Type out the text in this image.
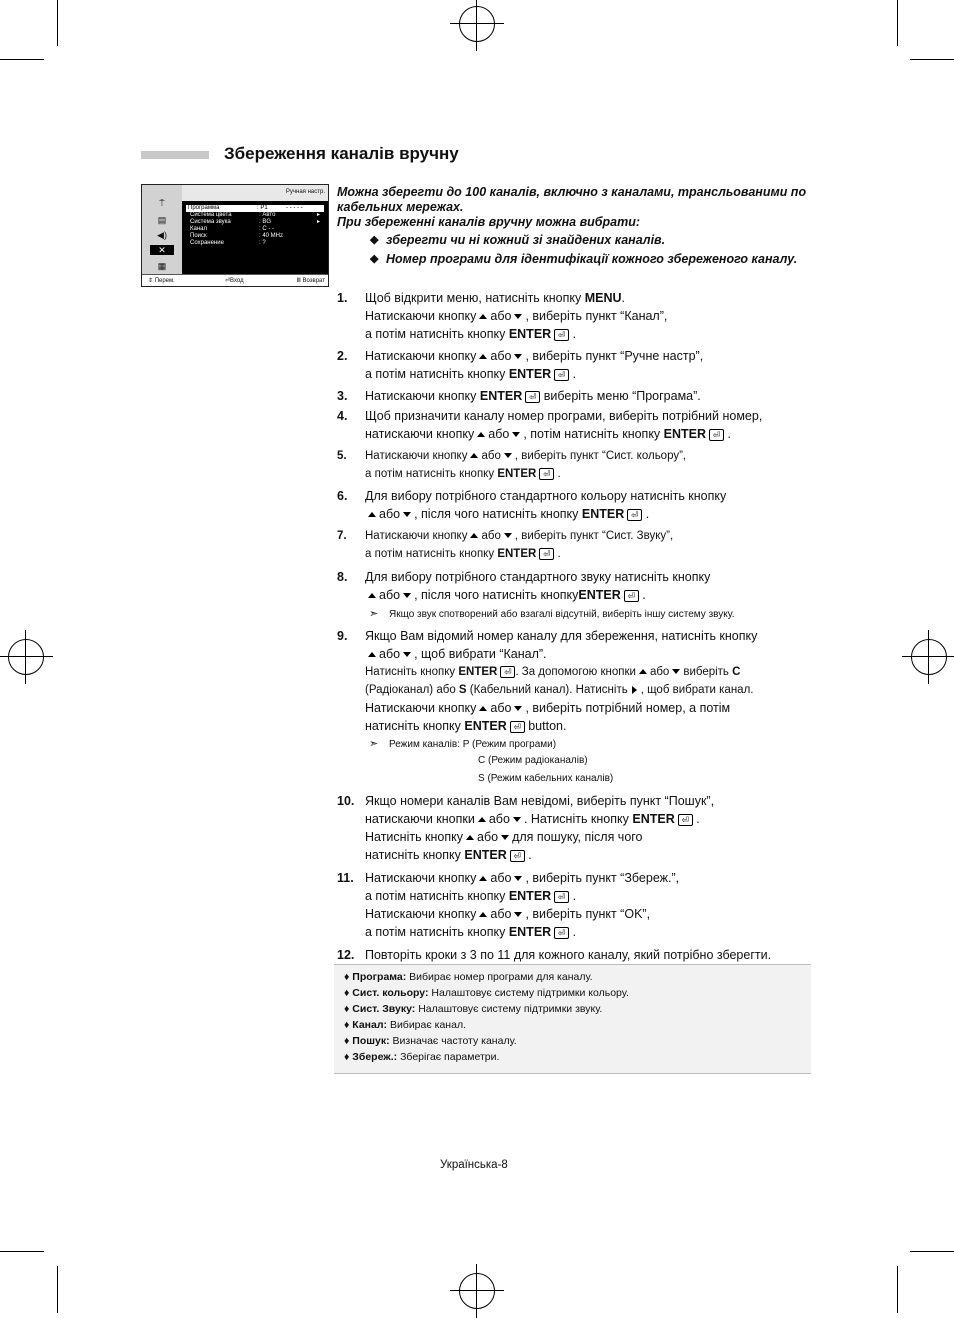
Збереження каналів вручну
⍑
▤
◀)
✕
▦
Ручная настр.
Программа	: P1	- - - - -
Система цвета	: Авто	▸
Система звука	: BG	▸
Канал	: C - -
Поиск	: 40 MHz
Сохранение	: ?
⇕ Перем.	⏎Вход	Ⅲ Возврат

Можна зберегти до 100 каналів, включно з каналами, трансльованими по кабельних мережах.

При збереженні каналів вручну можна вибрати:

◆ зберегти чи ні кожний зі знайдених каналів.

◆ Номер програми для ідентифікації кожного збереженого каналу.

1. Щоб відкрити меню, натисніть кнопку MENU.
Натискаючи кнопку або , виберіть пункт “Канал”,
а потім натисніть кнопку ENTER ⏎ .
2. Натискаючи кнопку або , виберіть пункт “Ручне настр”,
а потім натисніть кнопку ENTER ⏎ .
3. Натискаючи кнопку ENTER ⏎ виберіть меню “Програма”.
4. Щоб призначити каналу номер програми, виберіть потрібний номер,
натискаючи кнопку або , потім натисніть кнопку ENTER ⏎ .
5. Натискаючи кнопку або , виберіть пункт “Сист. кольору”,
а потім натисніть кнопку ENTER ⏎ .
6. Для вибору потрібного стандартного кольору натисніть кнопку
або , після чого натисніть кнопку ENTER ⏎ .
7. Натискаючи кнопку або , виберіть пункт “Сист. Звуку”,
а потім натисніть кнопку ENTER ⏎ .
8. Для вибору потрібного стандартного звуку натисніть кнопку
або , після чого натисніть кнопкуENTER ⏎ .
➣ Якщо звук спотворений або взагалі відсутній, виберіть іншу систему звуку.
9. Якщо Вам відомий номер каналу для збереження, натисніть кнопку
або , щоб вибрати “Канал”.
Натисніть кнопку ENTER ⏎ . За допомогою кнопки або виберіть C
(Радіоканал) або S (Кабельний канал). Натисніть , щоб вибрати канал.
Натискаючи кнопку або , виберіть потрібний номер, а потім
натисніть кнопку ENTER ⏎ button.
➣ Режим каналів: P (Режим програми)
C (Режим радіоканалів)
S (Режим кабельних каналів)
10. Якщо номери каналів Вам невідомі, виберіть пункт “Пошук”,
натискаючи кнопки або . Натисніть кнопку ENTER ⏎ .
Натисніть кнопку або для пошуку, після чого
натисніть кнопку ENTER ⏎ .
11. Натискаючи кнопку або , виберіть пункт “Збереж.”,
а потім натисніть кнопку ENTER ⏎ .
Натискаючи кнопку або , виберіть пункт “OK”,
а потім натисніть кнопку ENTER ⏎ .
12. Повторіть кроки з 3 по 11 для кожного каналу, який потрібно зберегти.
♦ Програма: Вибирає номер програми для каналу.
♦ Сист. кольору: Налаштовує систему підтримки кольору.
♦ Сист. Звуку: Налаштовує систему підтримки звуку.
♦ Канал: Вибирає канал.
♦ Пошук: Визначає частоту каналу.
♦ Збереж.: Зберігає параметри.
Українська-8
